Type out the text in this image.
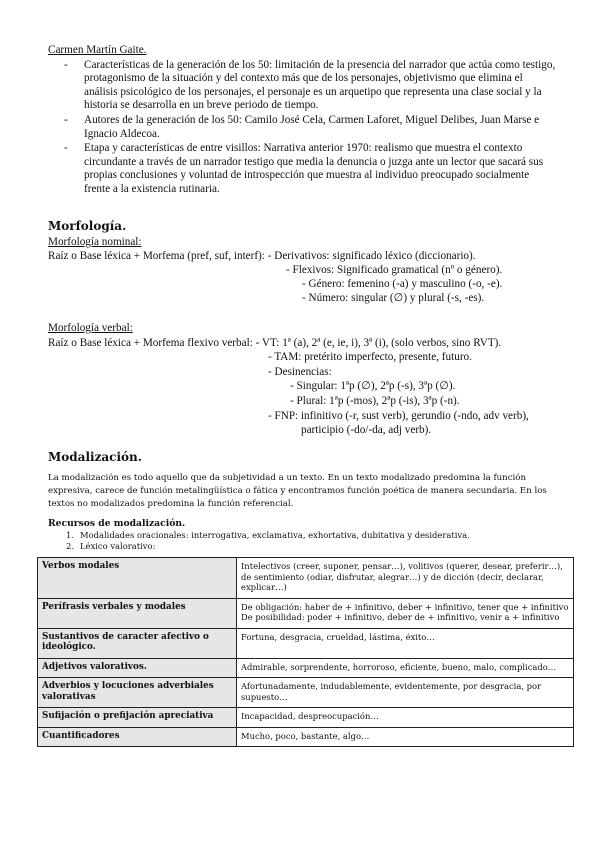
Carmen Martín Gaite.
- Características de la generación de los 50: limitación de la presencia del narrador que actúa como testigo, protagonismo de la situación y del contexto más que de los personajes, objetivismo que elimina el análisis psicológico de los personajes, el personaje es un arquetipo que representa una clase social y la historia se desarrolla en un breve periodo de tiempo.
- Autores de la generación de los 50: Camilo José Cela, Carmen Laforet, Miguel Delibes, Juan Marse e Ignacio Aldecoa.
- Etapa y características de entre visillos: Narrativa anterior 1970: realismo que muestra el contexto circundante a través de un narrador testigo que media la denuncia o juzga ante un lector que sacará sus propias conclusiones y voluntad de introspección que muestra al individuo preocupado socialmente frente a la existencia rutinaria.
Morfología.
Morfología nominal:
Raíz o Base léxica + Morfema (pref, suf, interf): - Derivativos: significado léxico (diccionario).
- Flexivos: Significado gramatical (nº o género).
- Género: femenino (-a) y masculino (-o, -e).
- Número: singular (∅) y plural (-s, -es).
Morfología verbal:
Raíz o Base léxica + Morfema flexivo verbal: - VT: 1ª (a), 2ª (e, ie, i), 3ª (i), (solo verbos, sino RVT).
- TAM: pretérito imperfecto, presente, futuro.
- Desinencias:
- Singular: 1ªp (∅), 2ªp (-s), 3ªp (∅).
- Plural: 1ªp (-mos), 2ªp (-is), 3ªp (-n).
- FNP: infinitivo (-r, sust verb), gerundio (-ndo, adv verb),
participio (-do/-da, adj verb).
Modalización.
La modalización es todo aquello que da subjetividad a un texto. En un texto modalizado predomina la función expresiva, carece de función metalingüística o fática y encontramos función poética de manera secundaria. En los textos no modalizados predomina la función referencial.
Recursos de modalización.
1. Modalidades oracionales: interrogativa, exclamativa, exhortativa, dubitativa y desiderativa.
2. Léxico valorativo:
Verbos modales	Intelectivos (creer, suponer, pensar…), volitivos (querer, desear, preferir…), de sentimiento (odiar, disfrutar, alegrar…) y de dicción (decir, declarar, explicar…)
Perífrasis verbales y modales	De obligación: haber de + infinitivo, deber + infinitivo, tener que + infinitivo
De posibilidad: poder + infinitivo, deber de + infinitivo, venir a + infinitivo

Sustantivos de caracter afectivo o ideológico.	Fortuna, desgracia, crueldad, lástima, éxito…
Adjetivos valorativos.	Admirable, sorprendente, horroroso, eficiente, bueno, malo, complicado…
Adverbios y locuciones adverbiales valorativas	Afortunadamente, indudablemente, evidentemente, por desgracia, por supuesto…
Sufijación o prefijación apreciativa	Incapacidad, despreocupación…
Cuantificadores	Mucho, poco, bastante, algo…
